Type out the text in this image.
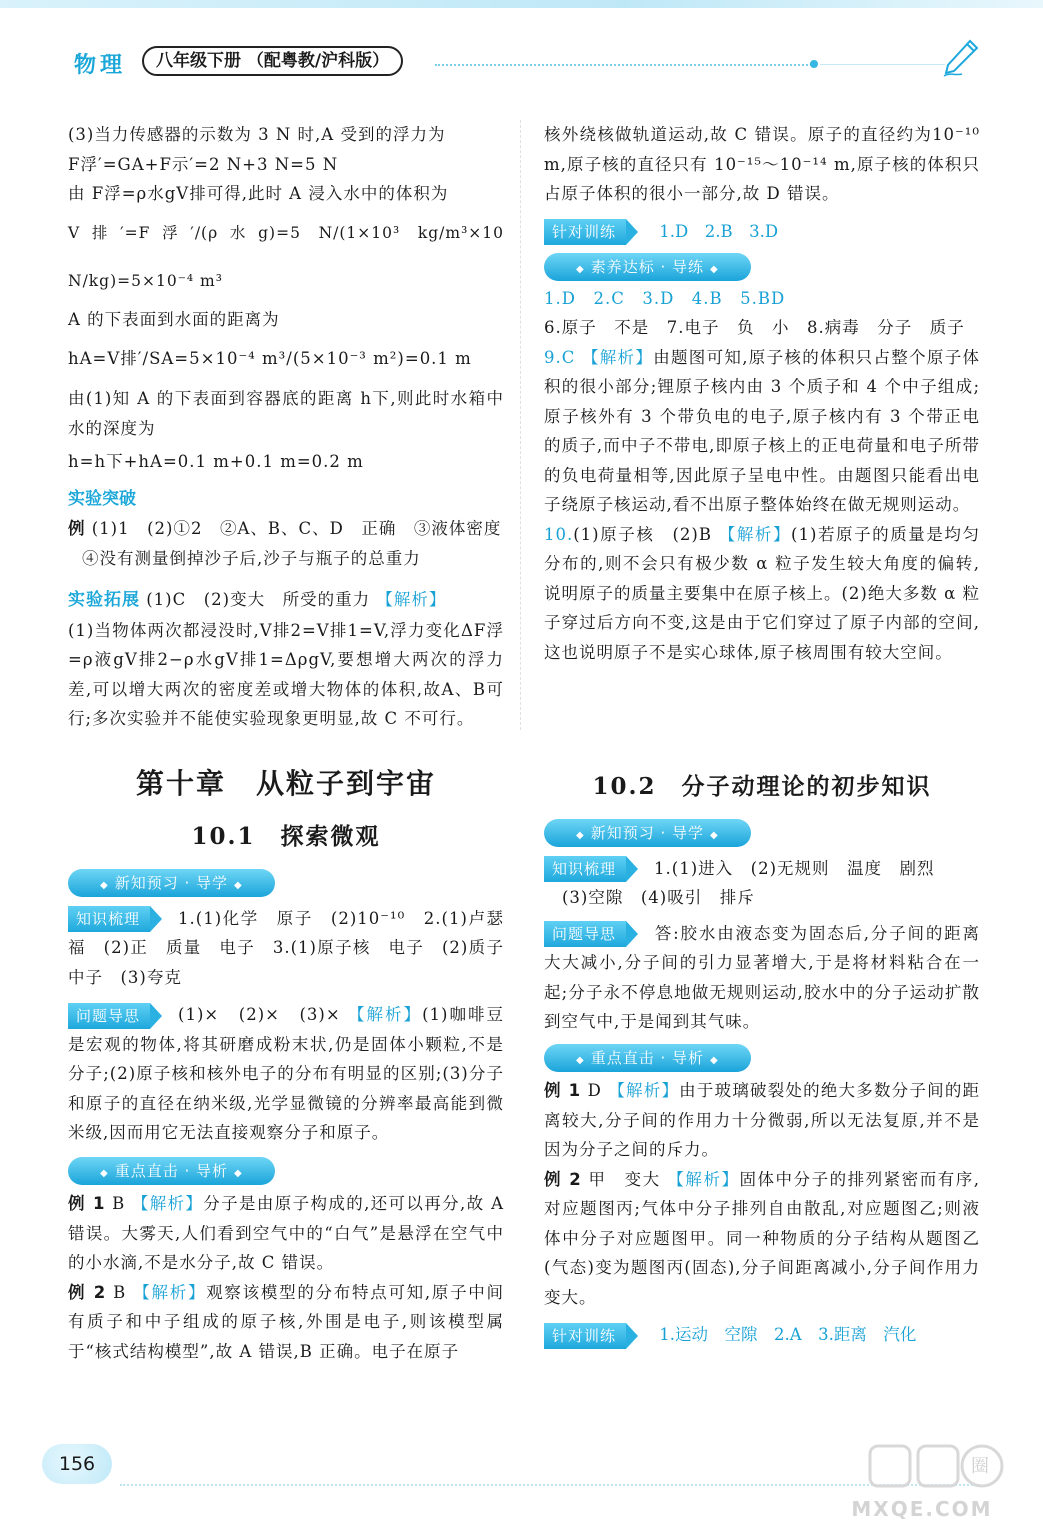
物理	八年级下册 （配粤教/沪科版）
(3)当力传感器的示数为 3 N 时,A 受到的浮力为
F浮′=GA+F示′=2 N+3 N=5 N
由 F浮=ρ水gV排可得,此时 A 浸入水中的体积为
V排′=F浮′/(ρ水g)=5 N/(1×10³ kg/m³×10 N/kg)=5×10⁻⁴ m³
A 的下表面到水面的距离为
hA=V排′/SA=5×10⁻⁴ m³/(5×10⁻³ m²)=0.1 m
由(1)知 A 的下表面到容器底的距离 h下,则此时水箱中水的深度为
h=h下+hA=0.1 m+0.1 m=0.2 m
实验突破
例 (1)1　(2)①2　②A、B、C、D　正确　③液体密度
④没有测量倒掉沙子后,沙子与瓶子的总重力
实验拓展 (1)C　(2)变大　所受的重力 【解析】
(1)当物体两次都浸没时,V排2=V排1=V,浮力变化ΔF浮=ρ液gV排2−ρ水gV排1=ΔρgV,要想增大两次的浮力差,可以增大两次的密度差或增大物体的体积,故A、B可行;多次实验并不能使实验现象更明显,故 C 不可行。
核外绕核做轨道运动,故 C 错误。原子的直径约为10⁻¹⁰ m,原子核的直径只有 10⁻¹⁵～10⁻¹⁴ m,原子核的体积只占原子体积的很小一部分,故 D 错误。
针对训练	1.D　2.B　3.D
◆ 素养达标 · 导练 ◆
1.D　2.C　3.D　4.B　5.BD
6.原子　不是　7.电子　负　小　8.病毒　分子　质子
9.C 【解析】由题图可知,原子核的体积只占整个原子体积的很小部分;锂原子核内由 3 个质子和 4 个中子组成;原子核外有 3 个带负电的电子,原子核内有 3 个带正电的质子,而中子不带电,即原子核上的正电荷量和电子所带的负电荷量相等,因此原子呈电中性。由题图只能看出电子绕原子核运动,看不出原子整体始终在做无规则运动。
10.(1)原子核　(2)B 【解析】(1)若原子的质量是均匀分布的,则不会只有极少数 α 粒子发生较大角度的偏转,说明原子的质量主要集中在原子核上。(2)绝大多数 α 粒子穿过后方向不变,这是由于它们穿过了原子内部的空间,这也说明原子不是实心球体,原子核周围有较大空间。
第十章　从粒子到宇宙
10.1　探索微观
10.2　分子动理论的初步知识
◆ 新知预习 · 导学 ◆
知识梳理 1.(1)化学　原子　(2)10⁻¹⁰　2.(1)卢瑟福　(2)正　质量　电子　3.(1)原子核　电子　(2)质子　中子　(3)夸克
问题导思 (1)×　(2)×　(3)× 【解析】(1)咖啡豆是宏观的物体,将其研磨成粉末状,仍是固体小颗粒,不是分子;(2)原子核和核外电子的分布有明显的区别;(3)分子和原子的直径在纳米级,光学显微镜的分辨率最高能到微米级,因而用它无法直接观察分子和原子。
◆ 重点直击 · 导析 ◆
例 1 B 【解析】分子是由原子构成的,还可以再分,故 A 错误。大雾天,人们看到空气中的“白气”是悬浮在空气中的小水滴,不是水分子,故 C 错误。
例 2 B 【解析】观察该模型的分布特点可知,原子中间有质子和中子组成的原子核,外围是电子,则该模型属于“核式结构模型”,故 A 错误,B 正确。电子在原子
◆ 新知预习 · 导学 ◆
知识梳理 1.(1)进入　(2)无规则　温度　剧烈
(3)空隙　(4)吸引　排斥
问题导思 答:胶水由液态变为固态后,分子间的距离大大减小,分子间的引力显著增大,于是将材料粘合在一起;分子永不停息地做无规则运动,胶水中的分子运动扩散到空气中,于是闻到其气味。
◆ 重点直击 · 导析 ◆
例 1 D 【解析】由于玻璃破裂处的绝大多数分子间的距离较大,分子间的作用力十分微弱,所以无法复原,并不是因为分子之间的斥力。
例 2 甲　变大 【解析】固体中分子的排列紧密而有序,对应题图丙;气体中分子排列自由散乱,对应题图乙;则液体中分子对应题图甲。同一种物质的分子结构从题图乙(气态)变为题图丙(固态),分子间距离减小,分子间作用力变大。
针对训练	1.运动　空隙　2.A　3.距离　汽化
156	圈
MXQE.COM
